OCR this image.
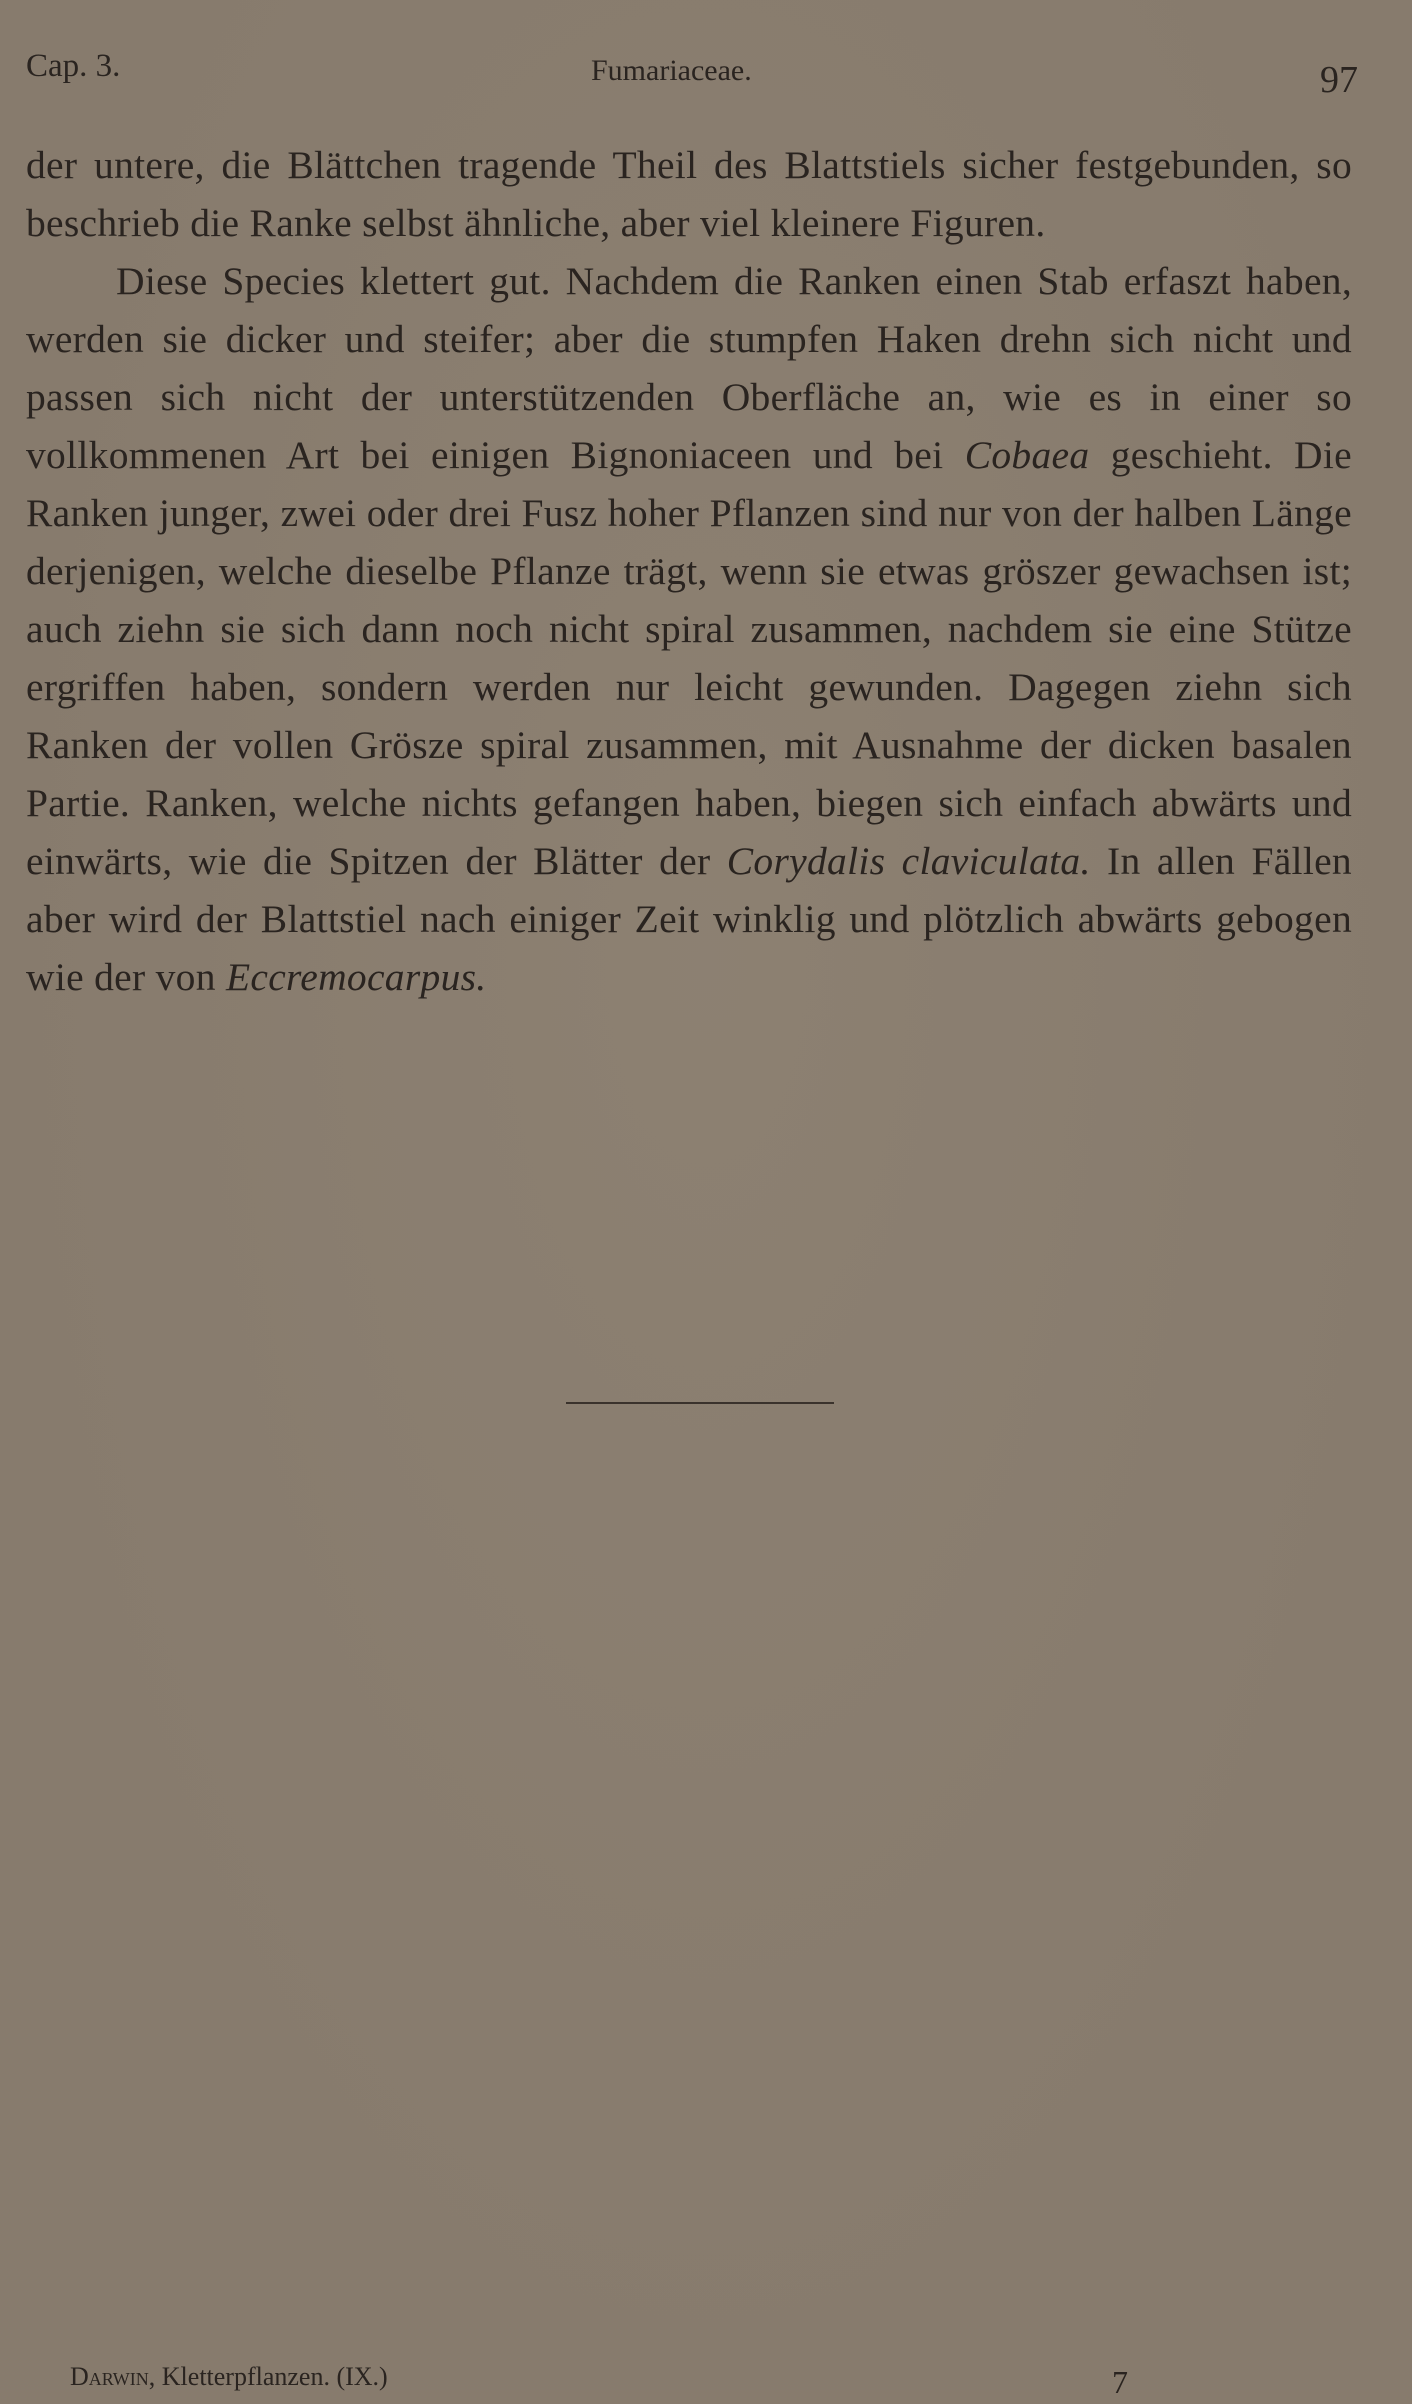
Cap. 3.	Fumariaceae.	97

der untere, die Blättchen tragende Theil des Blattstiels sicher festgebunden, so beschrieb die Ranke selbst ähnliche, aber viel kleinere Figuren.

Diese Species klettert gut. Nachdem die Ranken einen Stab erfaszt haben, werden sie dicker und steifer; aber die stumpfen Haken drehn sich nicht und passen sich nicht der unterstützenden Oberfläche an, wie es in einer so vollkommenen Art bei einigen Bignoniaceen und bei Cobaea geschieht. Die Ranken junger, zwei oder drei Fusz hoher Pflanzen sind nur von der halben Länge derjenigen, welche dieselbe Pflanze trägt, wenn sie etwas gröszer gewachsen ist; auch ziehn sie sich dann noch nicht spiral zusammen, nachdem sie eine Stütze ergriffen haben, sondern werden nur leicht gewunden. Dagegen ziehn sich Ranken der vollen Grösze spiral zusammen, mit Ausnahme der dicken basalen Partie. Ranken, welche nichts gefangen haben, biegen sich einfach abwärts und einwärts, wie die Spitzen der Blätter der Corydalis claviculata. In allen Fällen aber wird der Blattstiel nach einiger Zeit winklig und plötzlich abwärts gebogen wie der von Eccremocarpus.

Darwin, Kletterpflanzen. (IX.)	7
